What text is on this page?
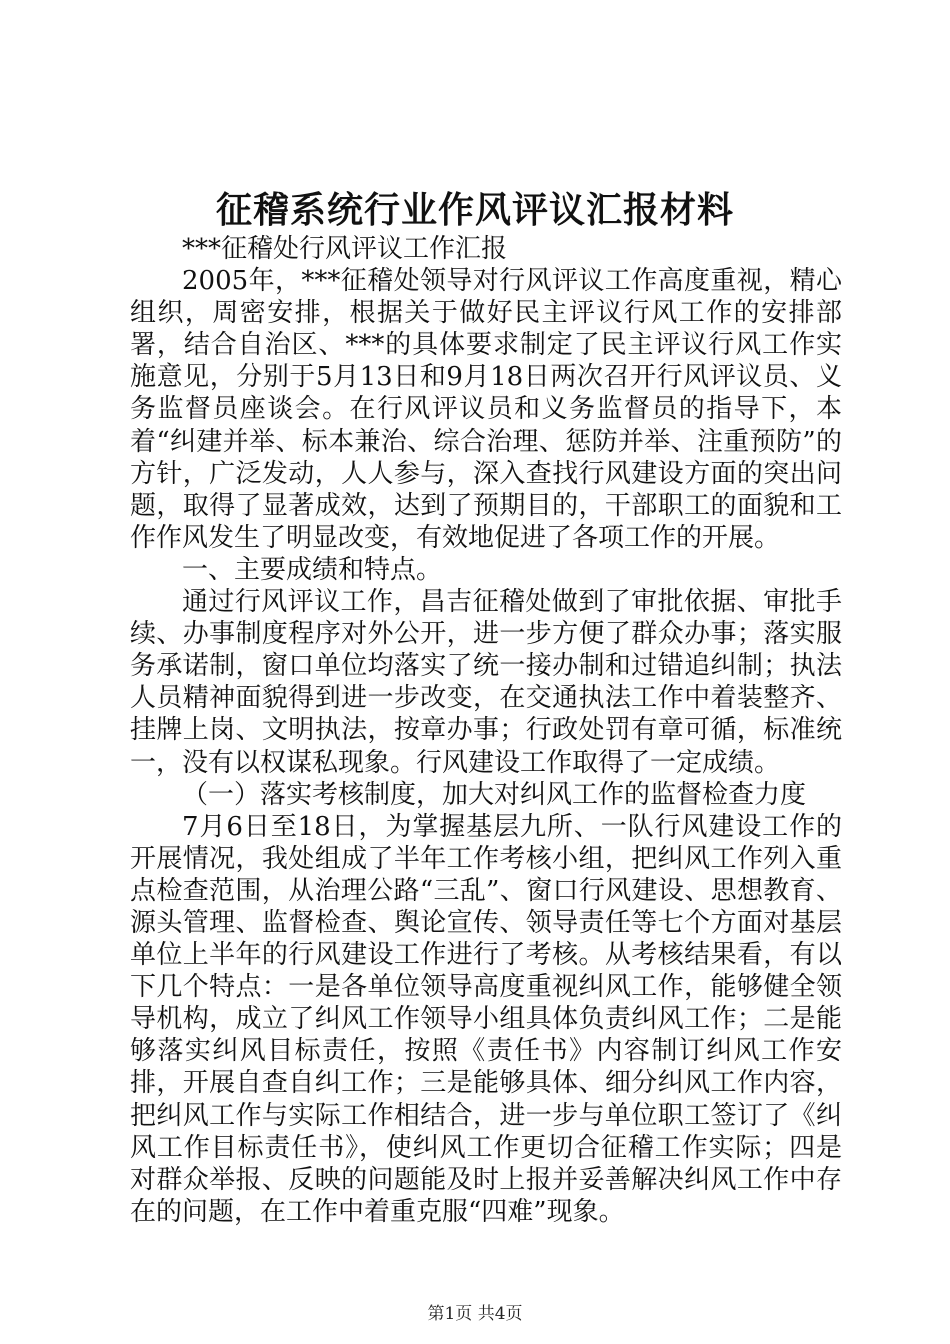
征稽系统行业作风评议汇报材料

***征稽处行风评议工作汇报

2005年，***征稽处领导对行风评议工作高度重视，精心组织，周密安排，根据关于做好民主评议行风工作的安排部署，结合自治区、***的具体要求制定了民主评议行风工作实施意见，分别于5月13日和9月18日两次召开行风评议员、义务监督员座谈会。在行风评议员和义务监督员的指导下，本着“纠建并举、标本兼治、综合治理、惩防并举、注重预防”的方针，广泛发动，人人参与，深入查找行风建设方面的突出问题，取得了显著成效，达到了预期目的，干部职工的面貌和工作作风发生了明显改变，有效地促进了各项工作的开展。

一、主要成绩和特点。

通过行风评议工作，昌吉征稽处做到了审批依据、审批手续、办事制度程序对外公开，进一步方便了群众办事；落实服务承诺制，窗口单位均落实了统一接办制和过错追纠制；执法人员精神面貌得到进一步改变，在交通执法工作中着装整齐、挂牌上岗、文明执法，按章办事；行政处罚有章可循，标准统一，没有以权谋私现象。行风建设工作取得了一定成绩。

（一）落实考核制度，加大对纠风工作的监督检查力度

7月6日至18日，为掌握基层九所、一队行风建设工作的开展情况，我处组成了半年工作考核小组，把纠风工作列入重点检查范围，从治理公路“三乱”、窗口行风建设、思想教育、源头管理、监督检查、舆论宣传、领导责任等七个方面对基层单位上半年的行风建设工作进行了考核。从考核结果看，有以下几个特点：一是各单位领导高度重视纠风工作，能够健全领导机构，成立了纠风工作领导小组具体负责纠风工作；二是能够落实纠风目标责任，按照《责任书》内容制订纠风工作安排，开展自查自纠工作；三是能够具体、细分纠风工作内容，把纠风工作与实际工作相结合，进一步与单位职工签订了《纠风工作目标责任书》，使纠风工作更切合征稽工作实际；四是对群众举报、反映的问题能及时上报并妥善解决纠风工作中存在的问题，在工作中着重克服“四难”现象。

第1页 共4页
